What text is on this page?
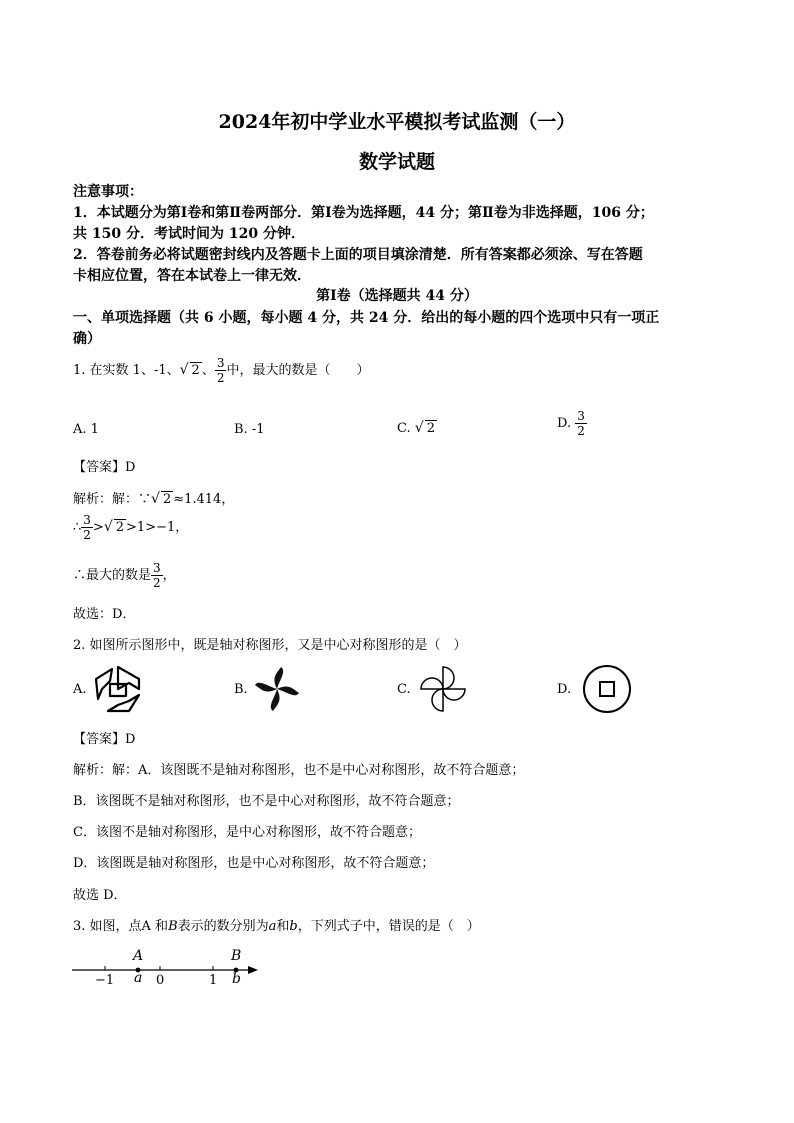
2024年初中学业水平模拟考试监测（一）
数学试题
注意事项：
1．本试题分为第Ⅰ卷和第Ⅱ卷两部分．第Ⅰ卷为选择题，44 分；第Ⅱ卷为非选择题，106 分；
共 150 分．考试时间为 120 分钟．
2．答卷前务必将试题密封线内及答题卡上面的项目填涂清楚．所有答案都必须涂、写在答题
卡相应位置，答在本试卷上一律无效．
第Ⅰ卷（选择题共 44 分）
一、单项选择题（共 6 小题，每小题 4 分，共 24 分．给出的每小题的四个选项中只有一项正
确）
1. 在实数 1、-1、√ 2 、 $\frac{3}{2}$ 中，最大的数是（　　）
A. 1	B. -1	C. √ 2	D. $\frac{3}{2}$
【答案】D
解析：解：∵√ 2 ≈1.414，
∴ $\frac{3}{2}$ >√ 2 >1>−1，
∴最大的数是 $\frac{3}{2}$ ，
故选：D．
2. 如图所示图形中，既是轴对称图形，又是中心对称图形的是（　）
A.	B.	C.	D.
【答案】D
解析：解：A．该图既不是轴对称图形，也不是中心对称图形，故不符合题意；
B．该图既不是轴对称图形，也不是中心对称图形，故不符合题意；
C．该图不是轴对称图形，是中心对称图形，故不符合题意；
D．该图既是轴对称图形，也是中心对称图形，故不符合题意；
故选 D．
3. 如图，点A 和B表示的数分别为a和b，下列式子中，错误的是（　）
A	B
−1 a 0	1 b
